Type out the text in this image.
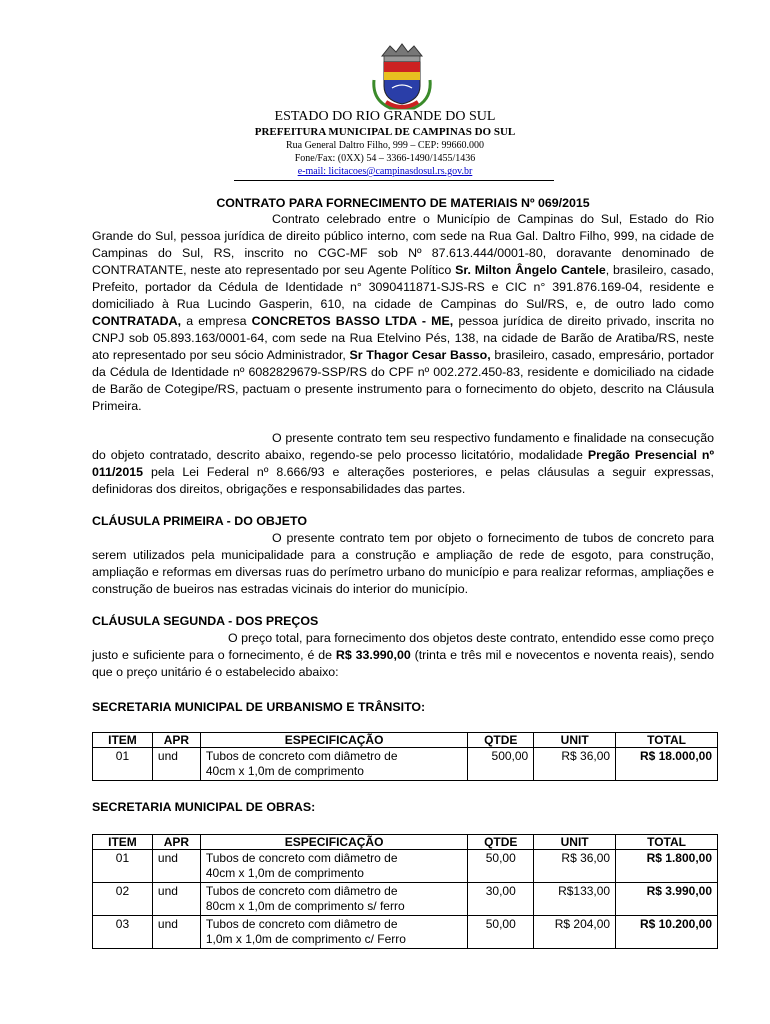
ESTADO DO RIO GRANDE DO SUL
PREFEITURA MUNICIPAL DE CAMPINAS DO SUL
Rua General Daltro Filho, 999 – CEP: 99660.000
Fone/Fax: (0XX) 54 – 3366-1490/1455/1436
e-mail: licitacoes@campinasdosul.rs.gov.br
CONTRATO PARA FORNECIMENTO DE MATERIAIS Nº 069/2015
Contrato celebrado entre o Município de Campinas do Sul, Estado do Rio Grande do Sul, pessoa jurídica de direito público interno, com sede na Rua Gal. Daltro Filho, 999, na cidade de Campinas do Sul, RS, inscrito no CGC-MF sob Nº 87.613.444/0001-80, doravante denominado de CONTRATANTE, neste ato representado por seu Agente Político Sr. Milton Ângelo Cantele, brasileiro, casado, Prefeito, portador da Cédula de Identidade n° 3090411871-SJS-RS e CIC n° 391.876.169-04, residente e domiciliado à Rua Lucindo Gasperin, 610, na cidade de Campinas do Sul/RS, e, de outro lado como CONTRATADA, a empresa CONCRETOS BASSO LTDA - ME, pessoa jurídica de direito privado, inscrita no CNPJ sob 05.893.163/0001-64, com sede na Rua Etelvino Pés, 138, na cidade de Barão de Aratiba/RS, neste ato representado por seu sócio Administrador, Sr Thagor Cesar Basso, brasileiro, casado, empresário, portador da Cédula de Identidade nº 6082829679-SSP/RS do CPF nº 002.272.450-83, residente e domiciliado na cidade de Barão de Cotegipe/RS, pactuam o presente instrumento para o fornecimento do objeto, descrito na Cláusula Primeira.
O presente contrato tem seu respectivo fundamento e finalidade na consecução do objeto contratado, descrito abaixo, regendo-se pelo processo licitatório, modalidade Pregão Presencial nº 011/2015 pela Lei Federal nº 8.666/93 e alterações posteriores, e pelas cláusulas a seguir expressas, definidoras dos direitos, obrigações e responsabilidades das partes.
CLÁUSULA PRIMEIRA - DO OBJETO
O presente contrato tem por objeto o fornecimento de tubos de concreto para serem utilizados pela municipalidade para a construção e ampliação de rede de esgoto, para construção, ampliação e reformas em diversas ruas do perímetro urbano do município e para realizar reformas, ampliações e construção de bueiros nas estradas vicinais do interior do município.
CLÁUSULA SEGUNDA - DOS PREÇOS
O preço total, para fornecimento dos objetos deste contrato, entendido esse como preço justo e suficiente para o fornecimento, é de R$ 33.990,00 (trinta e três mil e novecentos e noventa reais), sendo que o preço unitário é o estabelecido abaixo:
SECRETARIA MUNICIPAL DE URBANISMO E TRÂNSITO:
ITEM	APR	ESPECIFICAÇÃO	QTDE	UNIT	TOTAL
01	und	Tubos de concreto com diâmetro de
40cm x 1,0m de comprimento	500,00	R$ 36,00	R$ 18.000,00
SECRETARIA MUNICIPAL DE OBRAS:
ITEM	APR	ESPECIFICAÇÃO	QTDE	UNIT	TOTAL
01	und	Tubos de concreto com diâmetro de
40cm x 1,0m de comprimento	50,00	R$ 36,00	R$ 1.800,00
02	und	Tubos de concreto com diâmetro de
80cm x 1,0m de comprimento s/ ferro	30,00	R$133,00	R$ 3.990,00
03	und	Tubos de concreto com diâmetro de
1,0m x 1,0m de comprimento c/ Ferro	50,00	R$ 204,00	R$ 10.200,00
